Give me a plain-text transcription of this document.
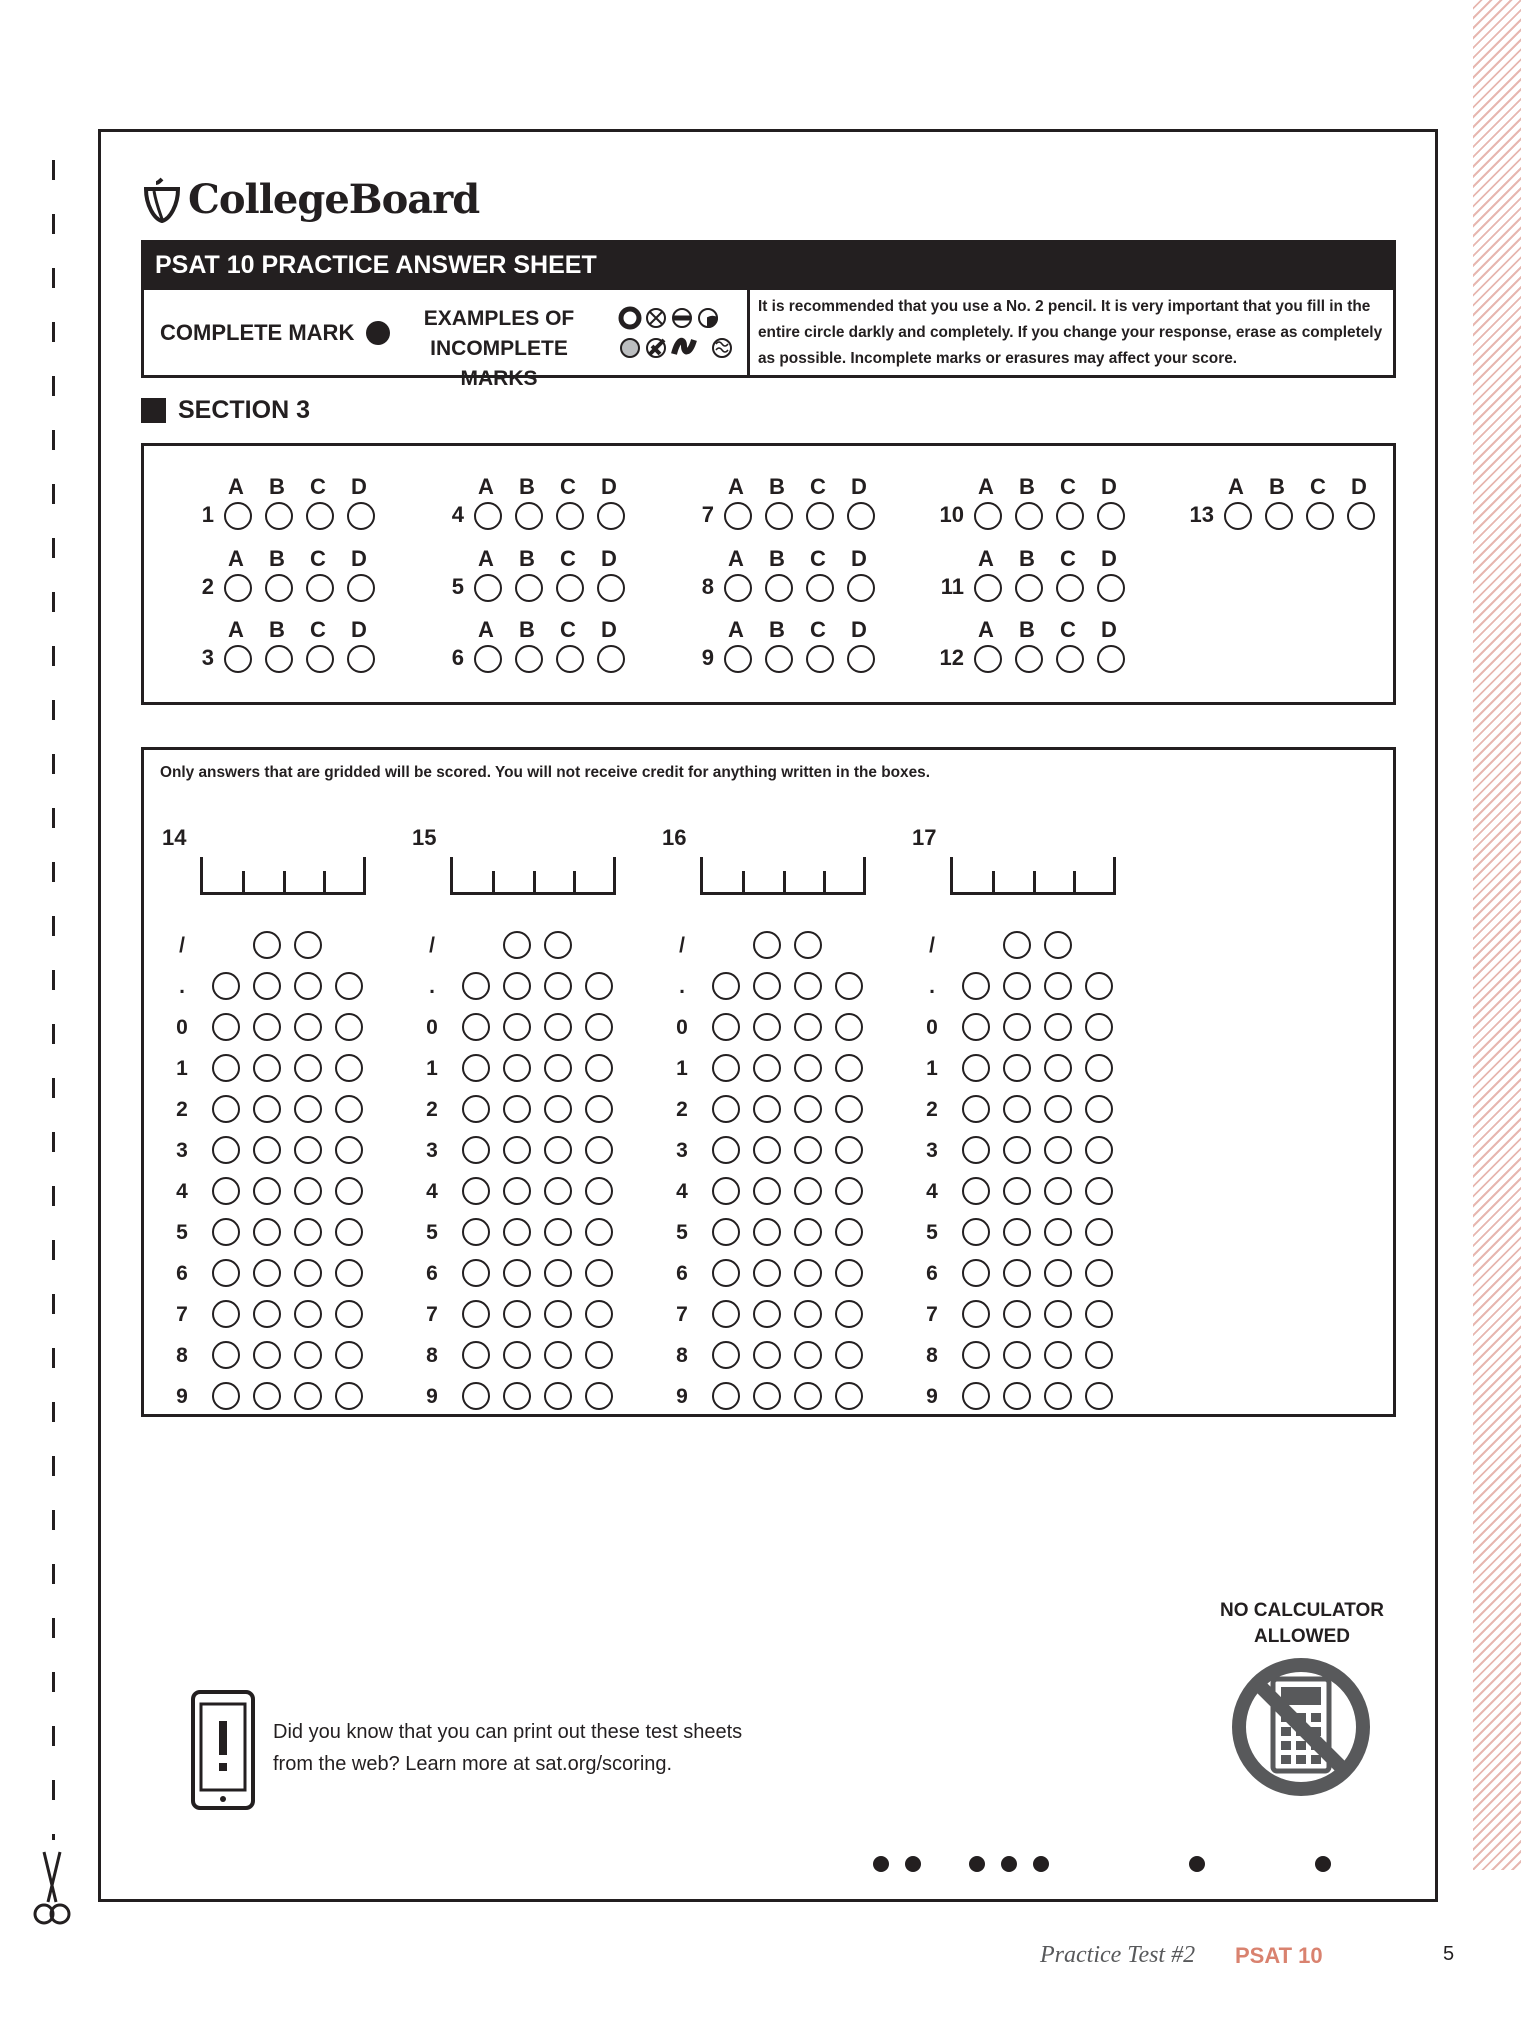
CollegeBoard
PSAT 10 PRACTICE ANSWER SHEET
COMPLETE MARK
EXAMPLES OF
INCOMPLETE MARKS
It is recommended that you use a No. 2 pencil. It is very important that you fill in the entire circle darkly and completely. If you change your response, erase as completely as possible. Incomplete marks or erasures may affect your score.
SECTION 3
A B C D
1
A B C D
2
A B C D
3
A B C D
4
A B C D
5
A B C D
6
A B C D
7
A B C D
8
A B C D
9
A B C D
10
A B C D
11
A B C D
12
A B C D
13
Only answers that are gridded will be scored. You will not receive credit for anything written in the boxes.
14
/
.
0
1
2
3
4
5
6
7
8
9
15
/
.
0
1
2
3
4
5
6
7
8
9
16
/
.
0
1
2
3
4
5
6
7
8
9
17
/
.
0
1
2
3
4
5
6
7
8
9
Did you know that you can print out these test sheets
from the web? Learn more at sat.org/scoring.
NO CALCULATOR
ALLOWED
Practice Test #2 PSAT 10	5
